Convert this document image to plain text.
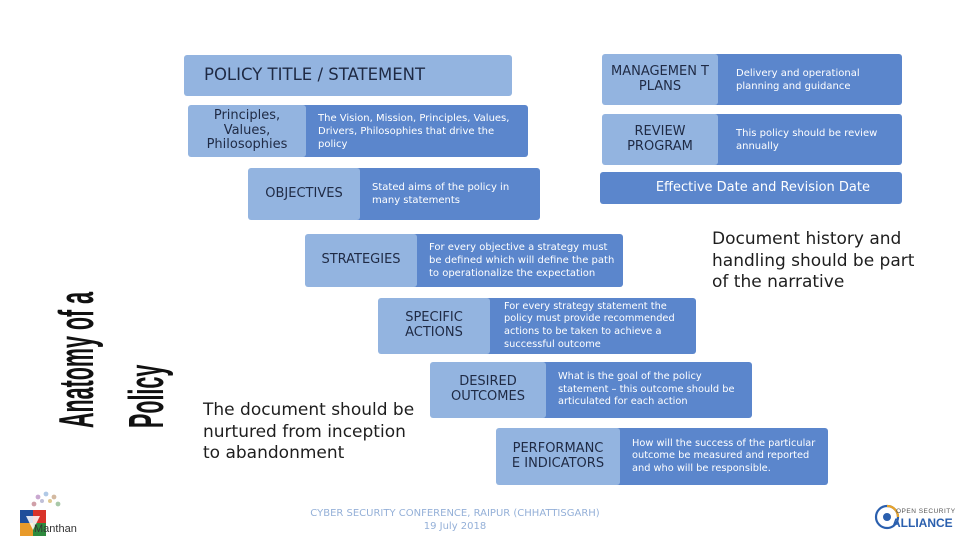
Anatomy of a Policy
POLICY TITLE / STATEMENT
The Vision, Mission, Principles, Values, Drivers, Philosophies that drive the policy
Principles, Values, Philosophies
Stated aims of the policy in many statements
OBJECTIVES
For every objective a strategy must be defined which will define the path to operationalize the expectation
STRATEGIES
For every strategy statement the policy must provide recommended actions to be taken to achieve a successful outcome
SPECIFIC ACTIONS
What is the goal of the policy statement – this outcome should be articulated for each action
DESIRED OUTCOMES
How will the success of the particular outcome be measured and reported and who will be responsible.
PERFORMANC E INDICATORS
Delivery and operational planning and guidance
MANAGEMEN T PLANS
This policy should be review annually
REVIEW PROGRAM
Effective Date and Revision Date
Document history and handling should be part of the narrative
The document should be nurtured from inception to abandonment
CYBER SECURITY CONFERENCE, RAIPUR (CHHATTISGARH)
19 July 2018
Manthan
OPEN SECURITY
ALLIANCE
